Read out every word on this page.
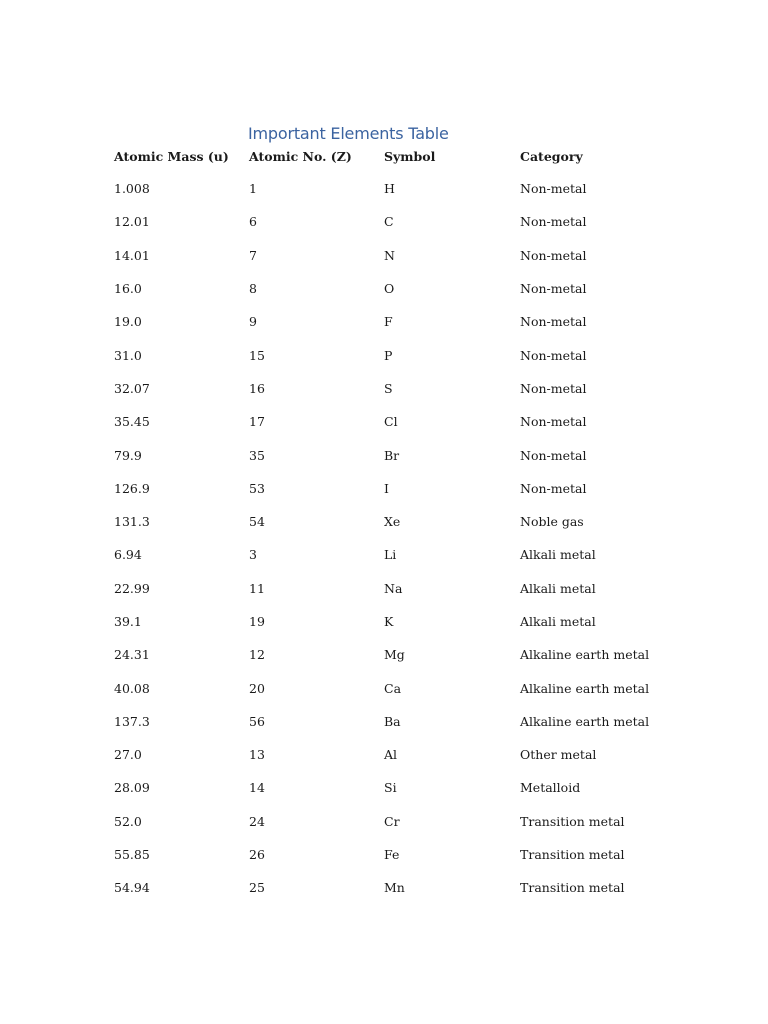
Important Elements Table
Atomic Mass (u)	Atomic No. (Z)	Symbol	Category
1.008	1	H	Non-metal
12.01	6	C	Non-metal
14.01	7	N	Non-metal
16.0	8	O	Non-metal
19.0	9	F	Non-metal
31.0	15	P	Non-metal
32.07	16	S	Non-metal
35.45	17	Cl	Non-metal
79.9	35	Br	Non-metal
126.9	53	I	Non-metal
131.3	54	Xe	Noble gas
6.94	3	Li	Alkali metal
22.99	11	Na	Alkali metal
39.1	19	K	Alkali metal
24.31	12	Mg	Alkaline earth metal
40.08	20	Ca	Alkaline earth metal
137.3	56	Ba	Alkaline earth metal
27.0	13	Al	Other metal
28.09	14	Si	Metalloid
52.0	24	Cr	Transition metal
55.85	26	Fe	Transition metal
54.94	25	Mn	Transition metal
